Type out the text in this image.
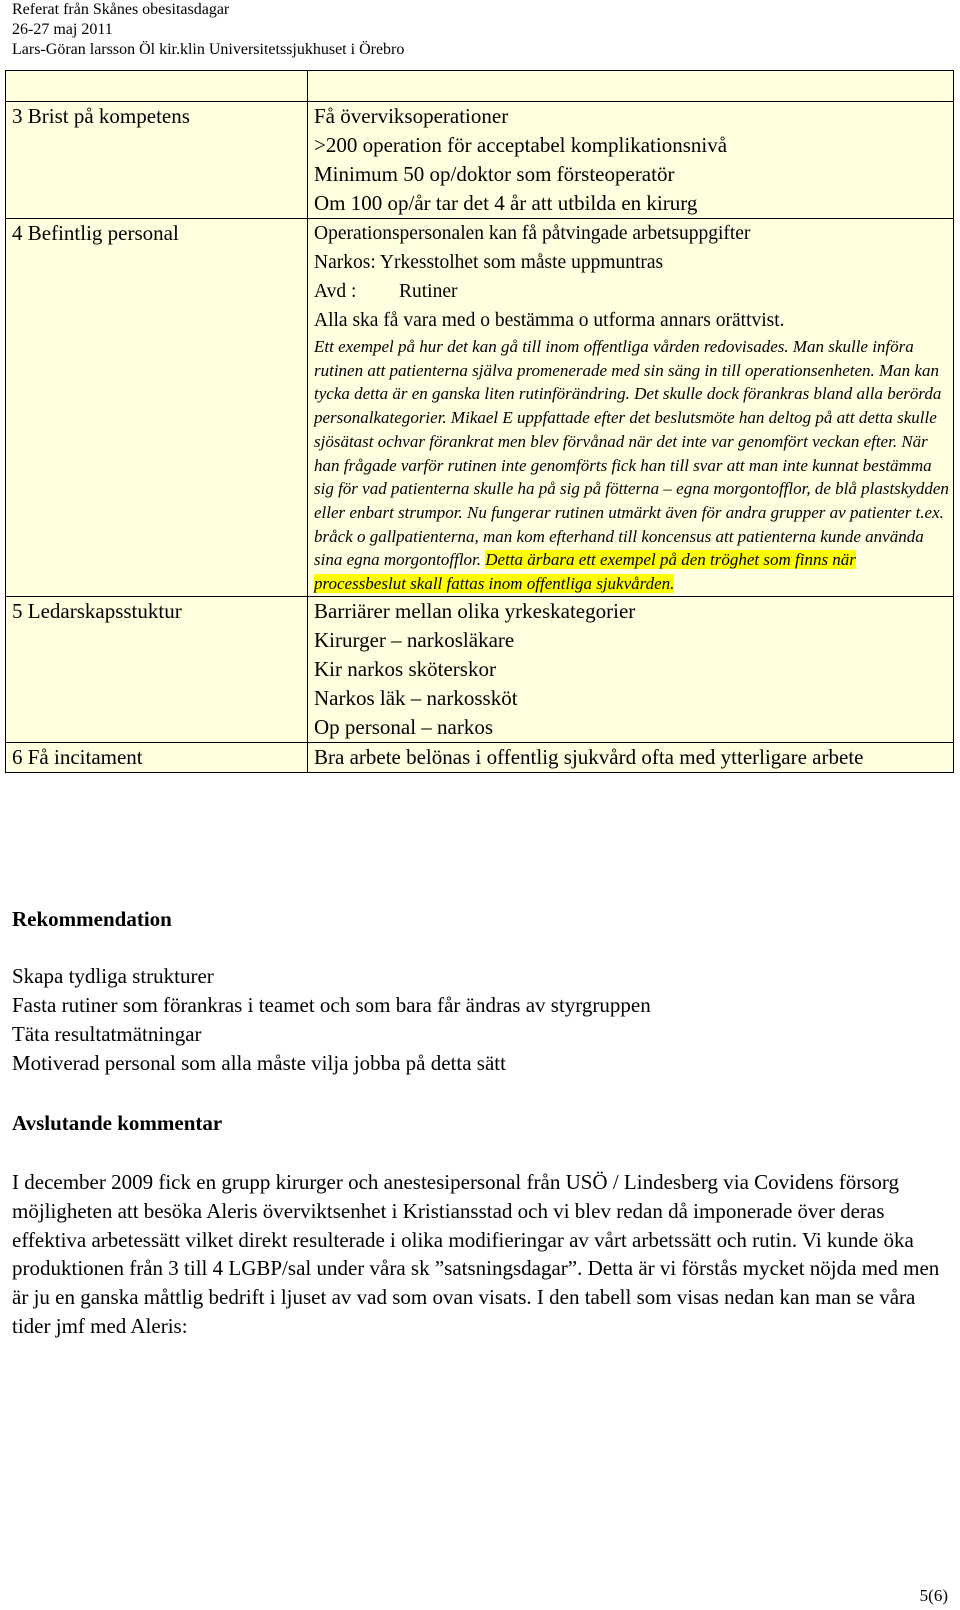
Referat från Skånes obesitasdagar
26-27 maj 2011
Lars-Göran larsson Öl kir.klin Universitetssjukhuset i Örebro

3 Brist på kompetens	Få överviksoperationer
>200 operation för acceptabel komplikationsnivå
Minimum 50 op/doktor som försteoperatör
Om 100 op/år tar det 4 år att utbilda en kirurg

4 Befintlig personal	Operationspersonalen kan få påtvingade arbetsuppgifter
Narkos: Yrkesstolhet som måste uppmuntras
Avd : Rutiner
Alla ska få vara med o bestämma o utforma annars orättvist.
Ett exempel på hur det kan gå till inom offentliga vården redovisades. Man skulle införa rutinen att patienterna själva promenerade med sin säng in till operationsenheten. Man kan tycka detta är en ganska liten rutinförändring. Det skulle dock förankras bland alla berörda personalkategorier. Mikael E uppfattade efter det beslutsmöte han deltog på att detta skulle sjösätast ochvar förankrat men blev förvånad när det inte var genomfört veckan efter. När han frågade varför rutinen inte genomförts fick han till svar att man inte kunnat bestämma sig för vad patienterna skulle ha på sig på fötterna – egna morgontofflor, de blå plastskydden eller enbart strumpor. Nu fungerar rutinen utmärkt även för andra grupper av patienter t.ex. bråck o gallpatienterna, man kom efterhand till koncensus att patienterna kunde använda sina egna morgontofflor. Detta ärbara ett exempel på den tröghet som finns när processbeslut skall fattas inom offentliga sjukvården.

5 Ledarskapsstuktur	Barriärer mellan olika yrkeskategorier
Kirurger – narkosläkare
Kir narkos sköterskor
Narkos läk – narkossköt
Op personal – narkos

6 Få incitament	Bra arbete belönas i offentlig sjukvård ofta med ytterligare arbete
Rekommendation
Skapa tydliga strukturer
Fasta rutiner som förankras i teamet och som bara får ändras av styrgruppen
Täta resultatmätningar
Motiverad personal som alla måste vilja jobba på detta sätt
Avslutande kommentar
I december 2009 fick en grupp kirurger och anestesipersonal från USÖ / Lindesberg via Covidens försorg möjligheten att besöka Aleris överviktsenhet i Kristiansstad och vi blev redan då imponerade över deras effektiva arbetessätt vilket direkt resulterade i olika modifieringar av vårt arbetssätt och rutin. Vi kunde öka produktionen från 3 till 4 LGBP/sal under våra sk ”satsningsdagar”. Detta är vi förstås mycket nöjda med men är ju en ganska måttlig bedrift i ljuset av vad som ovan visats. I den tabell som visas nedan kan man se våra tider jmf med Aleris:
5(6)
